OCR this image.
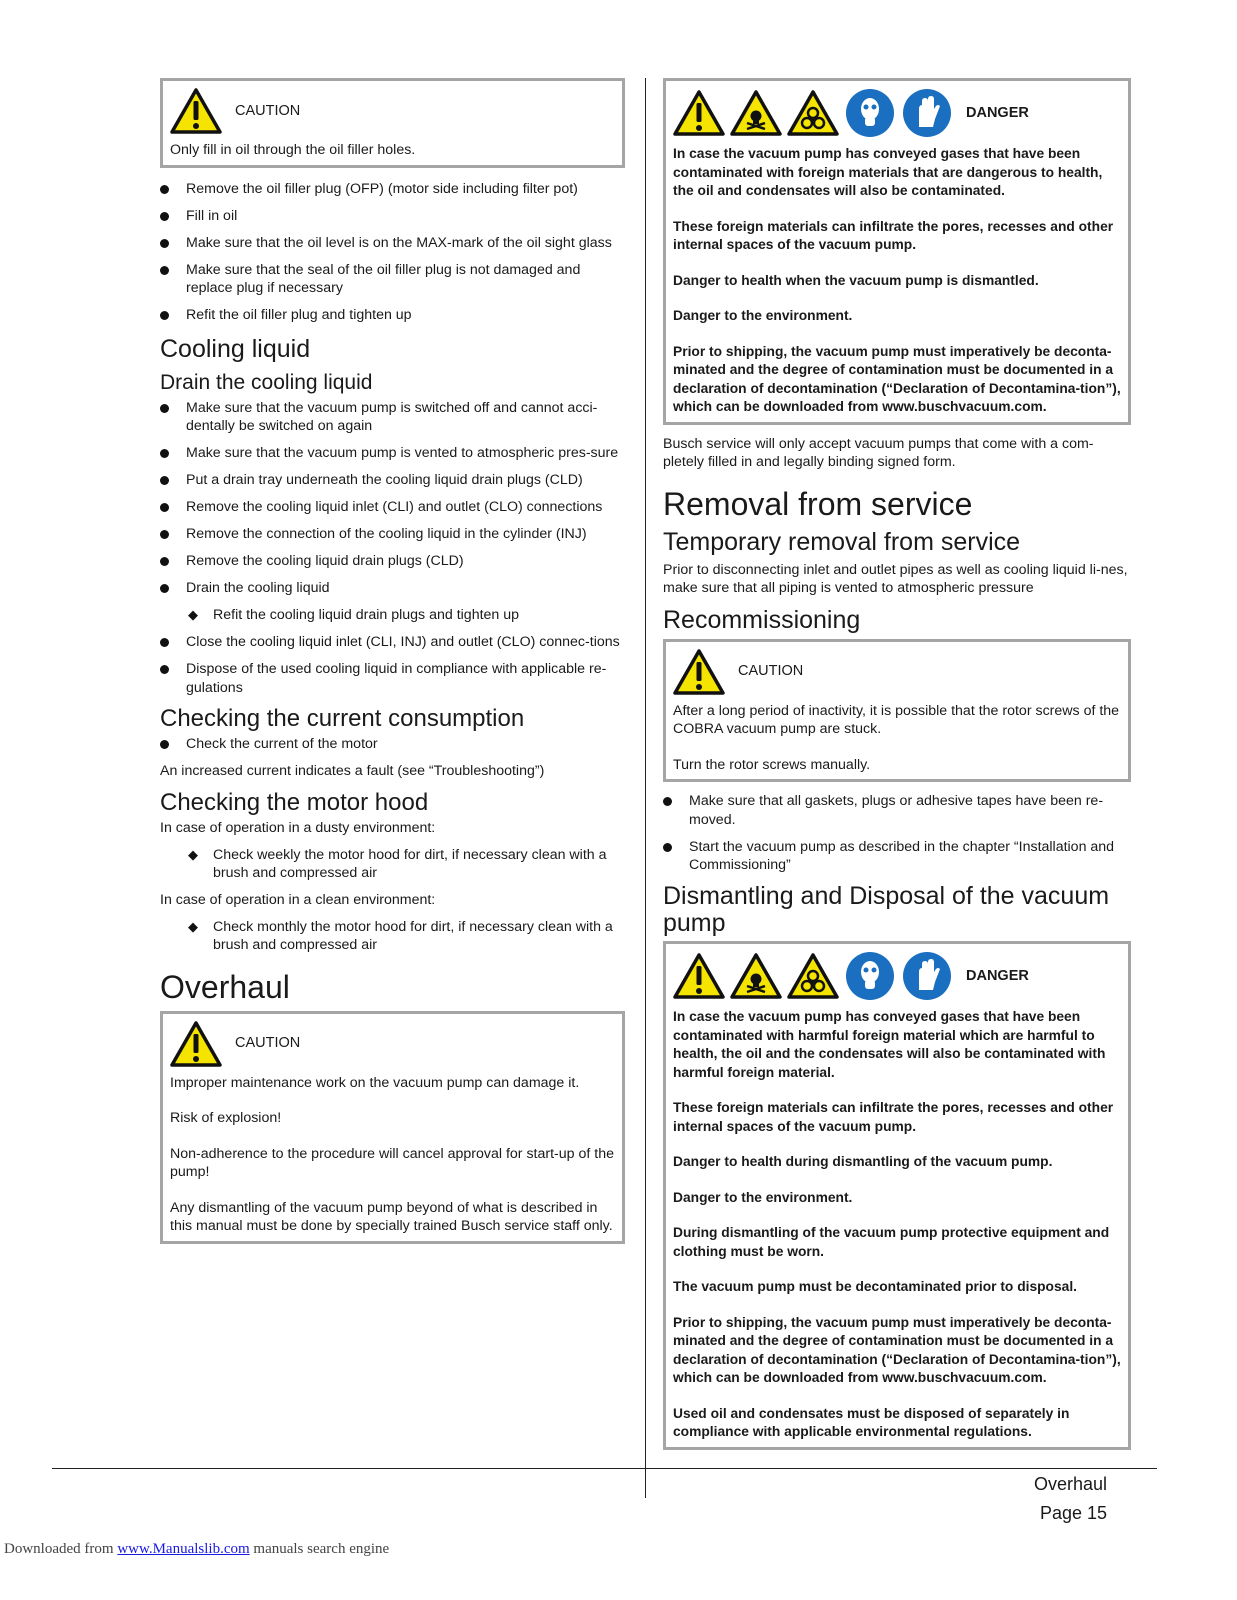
CAUTION

Only fill in oil through the oil filler holes.

Remove the oil filler plug (OFP) (motor side including filter pot)
Fill in oil
Make sure that the oil level is on the MAX-mark of the oil sight glass
Make sure that the seal of the oil filler plug is not damaged and replace plug if necessary
Refit the oil filler plug and tighten up
Cooling liquid
Drain the cooling liquid
Make sure that the vacuum pump is switched off and cannot acci-dentally be switched on again
Make sure that the vacuum pump is vented to atmospheric pres-sure
Put a drain tray underneath the cooling liquid drain plugs (CLD)
Remove the cooling liquid inlet (CLI) and outlet (CLO) connections
Remove the connection of the cooling liquid in the cylinder (INJ)
Remove the cooling liquid drain plugs (CLD)
Drain the cooling liquid
◆ Refit the cooling liquid drain plugs and tighten up
Close the cooling liquid inlet (CLI, INJ) and outlet (CLO) connec-tions
Dispose of the used cooling liquid in compliance with applicable re-gulations
Checking the current consumption
Check the current of the motor

An increased current indicates a fault (see “Troubleshooting”)

Checking the motor hood

In case of operation in a dusty environment:

◆ Check weekly the motor hood for dirt, if necessary clean with a brush and compressed air

In case of operation in a clean environment:

◆ Check monthly the motor hood for dirt, if necessary clean with a brush and compressed air
Overhaul
CAUTION

Improper maintenance work on the vacuum pump can damage it.

Risk of explosion!

Non-adherence to the procedure will cancel approval for start-up of the pump!

Any dismantling of the vacuum pump beyond of what is described in this manual must be done by specially trained Busch service staff only.

DANGER

In case the vacuum pump has conveyed gases that have been contaminated with foreign materials that are dangerous to health, the oil and condensates will also be contaminated.

These foreign materials can infiltrate the pores, recesses and other internal spaces of the vacuum pump.

Danger to health when the vacuum pump is dismantled.

Danger to the environment.

Prior to shipping, the vacuum pump must imperatively be deconta-minated and the degree of contamination must be documented in a declaration of decontamination (“Declaration of Decontamina-tion”), which can be downloaded from www.buschvacuum.com.

Busch service will only accept vacuum pumps that come with a com-pletely filled in and legally binding signed form.

Removal from service
Temporary removal from service

Prior to disconnecting inlet and outlet pipes as well as cooling liquid li-nes, make sure that all piping is vented to atmospheric pressure

Recommissioning
CAUTION

After a long period of inactivity, it is possible that the rotor screws of the COBRA vacuum pump are stuck.

Turn the rotor screws manually.

Make sure that all gaskets, plugs or adhesive tapes have been re-moved.
Start the vacuum pump as described in the chapter “Installation and Commissioning”
Dismantling and Disposal of the vacuum pump
DANGER

In case the vacuum pump has conveyed gases that have been contaminated with harmful foreign material which are harmful to health, the oil and the condensates will also be contaminated with harmful foreign material.

These foreign materials can infiltrate the pores, recesses and other internal spaces of the vacuum pump.

Danger to health during dismantling of the vacuum pump.

Danger to the environment.

During dismantling of the vacuum pump protective equipment and clothing must be worn.

The vacuum pump must be decontaminated prior to disposal.

Prior to shipping, the vacuum pump must imperatively be deconta-minated and the degree of contamination must be documented in a declaration of decontamination (“Declaration of Decontamina-tion”), which can be downloaded from www.buschvacuum.com.

Used oil and condensates must be disposed of separately in compliance with applicable environmental regulations.

Overhaul
Page 15
Downloaded from www.Manualslib.com manuals search engine
